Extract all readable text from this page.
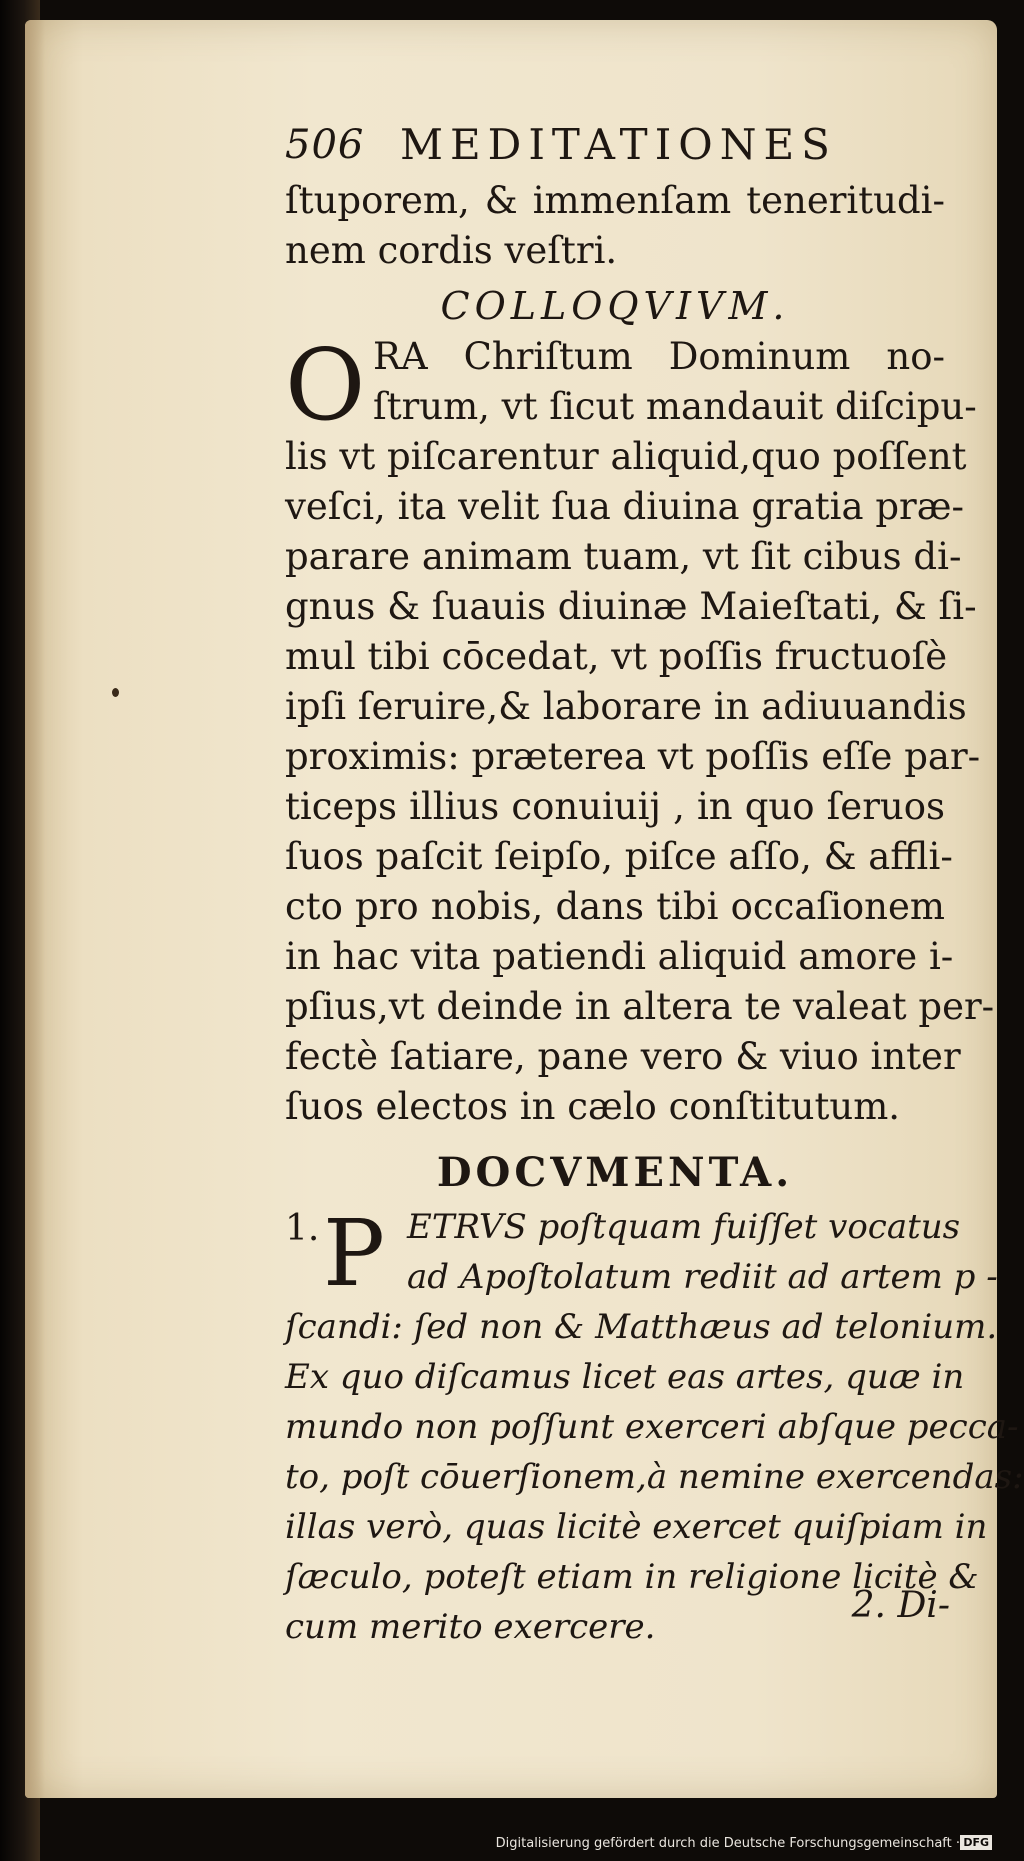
506 MEDITATIONES
ſtuporem, & immenſam teneritudi-
nem cordis veſtri.
COLLOQVIVM.
O RA Chriſtum Dominum no-
ſtrum, vt ſicut mandauit diſcipu-
lis vt piſcarentur aliquid,quo poſſent
veſci, ita velit ſua diuina gratia præ-
parare animam tuam, vt ſit cibus di-
gnus & ſuauis diuinæ Maieſtati, & ſi-
mul tibi cōcedat, vt poſſis fructuoſè
ipſi ſeruire,& laborare in adiuuandis
proximis: præterea vt poſſis eſſe par-
ticeps illius conuiuij , in quo ſeruos
ſuos paſcit ſeipſo, piſce aſſo, & affli-
cto pro nobis, dans tibi occaſionem
in hac vita patiendi aliquid amore i-
pſius,vt deinde in altera te valeat per-
fectè ſatiare, pane vero & viuo inter
ſuos electos in cælo conſtitutum.
DOCVMENTA.
1. P ETRVS poſtquam fuiſſet vocatus
ad Apoſtolatum rediit ad artem p -
ſcandi: ſed non & Matthæus ad telonium.
Ex quo diſcamus licet eas artes, quæ in
mundo non poſſunt exerceri abſque pecca-
to, poſt cōuerſionem,à nemine exercendas:
illas verò, quas licitè exercet quiſpiam in
ſæculo, poteſt etiam in religione licitè &
cum merito exercere.
2. Di-
Digitalisierung gefördert durch die Deutsche Forschungsgemeinschaft · DFG
